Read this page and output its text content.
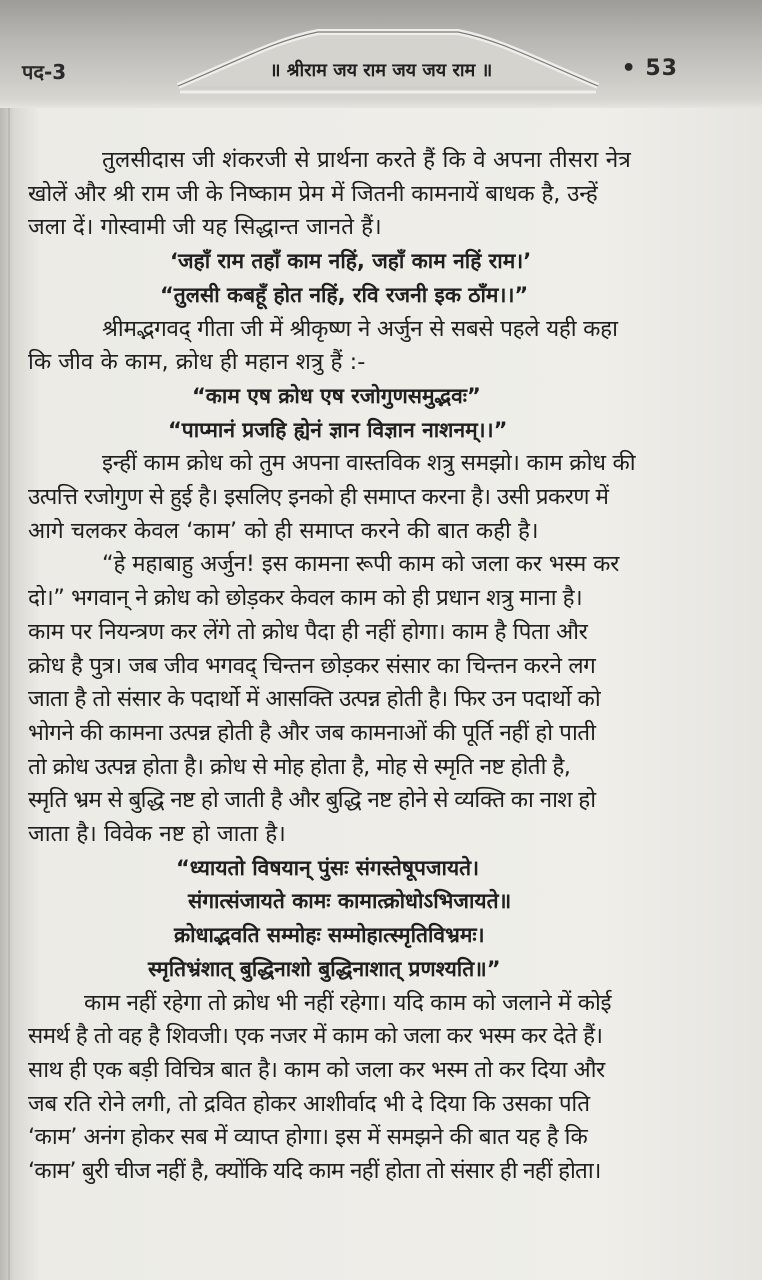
पद-3	॥ श्रीराम जय राम जय जय राम ॥	• 53
तुलसीदास जी शंकरजी से प्रार्थना करते हैं कि वे अपना तीसरा नेत्र
खोलें और श्री राम जी के निष्काम प्रेम में जितनी कामनायें बाधक है, उन्हें
जला दें। गोस्वामी जी यह सिद्धान्त जानते हैं।
‘जहाँ राम तहाँ काम नहिं, जहाँ काम नहिं राम।’
“तुलसी कबहूँ होत नहिं, रवि रजनी इक ठाँम।।”
श्रीमद्भगवद् गीता जी में श्रीकृष्ण ने अर्जुन से सबसे पहले यही कहा
कि जीव के काम, क्रोध ही महान शत्रु हैं :-
“काम एष क्रोध एष रजोगुणसमुद्भवः”
“पाप्मानं प्रजहि ह्येनं ज्ञान विज्ञान नाशनम्।।”
इन्हीं काम क्रोध को तुम अपना वास्तविक शत्रु समझो। काम क्रोध की
उत्पत्ति रजोगुण से हुई है। इसलिए इनको ही समाप्त करना है। उसी प्रकरण में
आगे चलकर केवल ‘काम’ को ही समाप्त करने की बात कही है।
“हे महाबाहु अर्जुन! इस कामना रूपी काम को जला कर भस्म कर
दो।” भगवान् ने क्रोध को छोड़कर केवल काम को ही प्रधान शत्रु माना है।
काम पर नियन्त्रण कर लेंगे तो क्रोध पैदा ही नहीं होगा। काम है पिता और
क्रोध है पुत्र। जब जीव भगवद् चिन्तन छोड़कर संसार का चिन्तन करने लग
जाता है तो संसार के पदार्थो में आसक्ति उत्पन्न होती है। फिर उन पदार्थो को
भोगने की कामना उत्पन्न होती है और जब कामनाओं की पूर्ति नहीं हो पाती
तो क्रोध उत्पन्न होता है। क्रोध से मोह होता है, मोह से स्मृति नष्ट होती है,
स्मृति भ्रम से बुद्धि नष्ट हो जाती है और बुद्धि नष्ट होने से व्यक्ति का नाश हो
जाता है। विवेक नष्ट हो जाता है।
“ध्यायतो विषयान् पुंसः संगस्तेषूपजायते।
संगात्संजायते कामः कामात्क्रोधोऽभिजायते॥
क्रोधाद्भवति सम्मोहः सम्मोहात्स्मृतिविभ्रमः।
स्मृतिभ्रंशात् बुद्धिनाशो बुद्धिनाशात् प्रणश्यति॥”
काम नहीं रहेगा तो क्रोध भी नहीं रहेगा। यदि काम को जलाने में कोई
समर्थ है तो वह है शिवजी। एक नजर में काम को जला कर भस्म कर देते हैं।
साथ ही एक बड़ी विचित्र बात है। काम को जला कर भस्म तो कर दिया और
जब रति रोने लगी, तो द्रवित होकर आशीर्वाद भी दे दिया कि उसका पति
‘काम’ अनंग होकर सब में व्याप्त होगा। इस में समझने की बात यह है कि
‘काम’ बुरी चीज नहीं है, क्योंकि यदि काम नहीं होता तो संसार ही नहीं होता।
